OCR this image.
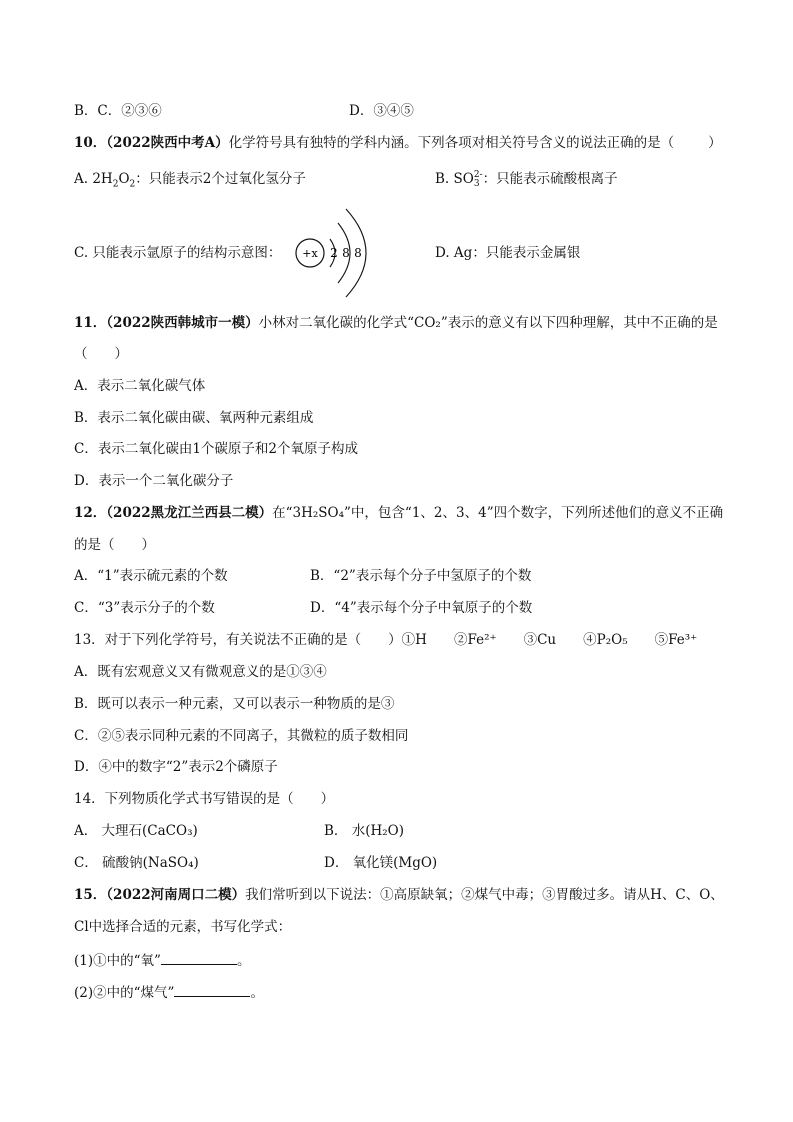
B．C．②③⑥	D．③④⑤
10．（2022陕西中考A）化学符号具有独特的学科内涵。下列各项对相关符号含义的说法正确的是（	）
A. $2H_2O_2$：只能表示2个过氧化氢分子	B. SO 2-
3 ：只能表示硫酸根离子
C. 只能表示氩原子的结构示意图： +x 2 8 8	D. Ag：只能表示金属银
11．（2022陕西韩城市一模）小林对二氧化碳的化学式“CO₂”表示的意义有以下四种理解，其中不正确的是
（　　）
A．表示二氧化碳气体
B．表示二氧化碳由碳、氧两种元素组成
C．表示二氧化碳由1个碳原子和2个氧原子构成
D．表示一个二氧化碳分子
12．（2022黑龙江兰西县二模）在“3H₂SO₄”中，包含“1、2、3、4”四个数字，下列所述他们的意义不正确
的是（　　）
A．“1”表示硫元素的个数	B．“2”表示每个分子中氢原子的个数
C．“3”表示分子的个数	D．“4”表示每个分子中氧原子的个数
13．对于下列化学符号，有关说法不正确的是（　　）①H　　②Fe²⁺　　③Cu　　④P₂O₅　　⑤Fe³⁺
A．既有宏观意义又有微观意义的是①③④
B．既可以表示一种元素，又可以表示一种物质的是③
C．②⑤表示同种元素的不同离子，其微粒的质子数相同
D．④中的数字“2”表示2个磷原子
14．下列物质化学式书写错误的是（　　）
A． 大理石(CaCO₃)	B． 水(H₂O)
C． 硫酸钠(NaSO₄)	D． 氧化镁(MgO)
15．（2022河南周口二模）我们常听到以下说法：①高原缺氧；②煤气中毒；③胃酸过多。请从H、C、O、
Cl中选择合适的元素，书写化学式：
(1)①中的“氧”	。
(2)②中的“煤气”	。
